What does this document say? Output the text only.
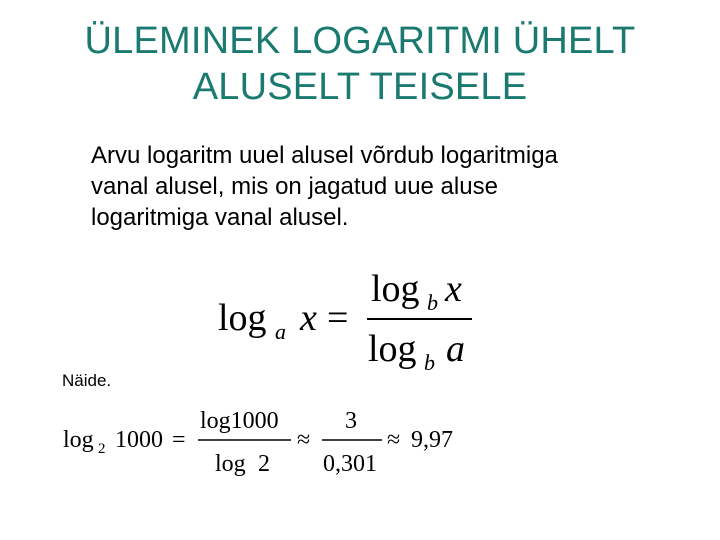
ÜLEMINEK LOGARITMI ÜHELT
ALUSELT TEISELE
Arvu logaritm uuel alusel võrdub logaritmiga
vanal alusel, mis on jagatud uue aluse
logaritmiga vanal alusel.
Näide.
log a x =
log b x
log b a
log 2 1000 =
log1000
log 2
≈
3
0,301
≈ 9,97
